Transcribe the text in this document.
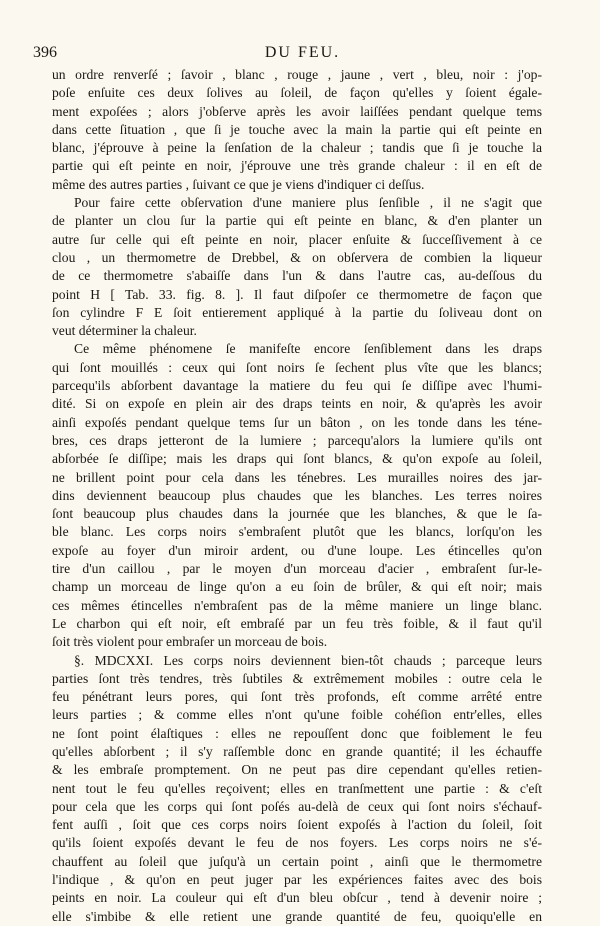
396	DU FEU.
un ordre renverſé ; ſavoir , blanc , rouge , jaune , vert , bleu, noir : j'op-
poſe enſuite ces deux ſolives au ſoleil, de façon qu'elles y ſoient égale-
ment expoſées ; alors j'obſerve après les avoir laiſſées pendant quelque tems
dans cette ſituation , que ſi je touche avec la main la partie qui eſt peinte en
blanc, j'éprouve à peine la ſenſation de la chaleur ; tandis que ſi je touche la
partie qui eſt peinte en noir, j'éprouve une très grande chaleur : il en eſt de
même des autres parties , ſuivant ce que je viens d'indiquer ci deſſus.
Pour faire cette obſervation d'une maniere plus ſenſible , il ne s'agit que
de planter un clou ſur la partie qui eſt peinte en blanc, & d'en planter un
autre ſur celle qui eſt peinte en noir, placer enſuite & ſucceſſivement à ce
clou , un thermometre de Drebbel, & on obſervera de combien la liqueur
de ce thermometre s'abaiſſe dans l'un & dans l'autre cas, au-deſſous du
point H [ Tab. 33. fig. 8. ]. Il faut diſpoſer ce thermometre de façon que
ſon cylindre F E ſoit entierement appliqué à la partie du ſoliveau dont on
veut déterminer la chaleur.
Ce même phénomene ſe manifeſte encore ſenſiblement dans les draps
qui ſont mouillés : ceux qui ſont noirs ſe ſechent plus vîte que les blancs;
parcequ'ils abſorbent davantage la matiere du feu qui ſe diſſipe avec l'humi-
dité. Si on expoſe en plein air des draps teints en noir, & qu'après les avoir
ainſi expoſés pendant quelque tems ſur un bâton , on les tonde dans les téne-
bres, ces draps jetteront de la lumiere ; parcequ'alors la lumiere qu'ils ont
abſorbée ſe diſſipe; mais les draps qui ſont blancs, & qu'on expoſe au ſoleil,
ne brillent point pour cela dans les ténebres. Les murailles noires des jar-
dins deviennent beaucoup plus chaudes que les blanches. Les terres noires
ſont beaucoup plus chaudes dans la journée que les blanches, & que le ſa-
ble blanc. Les corps noirs s'embraſent plutôt que les blancs, lorſqu'on les
expoſe au foyer d'un miroir ardent, ou d'une loupe. Les étincelles qu'on
tire d'un caillou , par le moyen d'un morceau d'acier , embraſent ſur-le-
champ un morceau de linge qu'on a eu ſoin de brûler, & qui eſt noir; mais
ces mêmes étincelles n'embraſent pas de la même maniere un linge blanc.
Le charbon qui eſt noir, eſt embraſé par un feu très foible, & il faut qu'il
ſoit très violent pour embraſer un morceau de bois.
§. MDCXXI. Les corps noirs deviennent bien-tôt chauds ; parceque leurs
parties ſont très tendres, très ſubtiles & extrêmement mobiles : outre cela le
feu pénétrant leurs pores, qui ſont très profonds, eſt comme arrêté entre
leurs parties ; & comme elles n'ont qu'une foible cohéſion entr'elles, elles
ne ſont point élaſtiques : elles ne repouſſent donc que foiblement le feu
qu'elles abſorbent ; il s'y raſſemble donc en grande quantité; il les échauffe
& les embraſe promptement. On ne peut pas dire cependant qu'elles retien-
nent tout le feu qu'elles reçoivent; elles en tranſmettent une partie : & c'eſt
pour cela que les corps qui ſont poſés au-delà de ceux qui ſont noirs s'échauf-
fent auſſi , ſoit que ces corps noirs ſoient expoſés à l'action du ſoleil, ſoit
qu'ils ſoient expoſés devant le feu de nos foyers. Les corps noirs ne s'é-
chauffent au ſoleil que juſqu'à un certain point , ainſi que le thermometre
l'indique , & qu'on en peut juger par les expériences faites avec des bois
peints en noir. La couleur qui eſt d'un bleu obſcur , tend à devenir noire ;
elle s'imbibe & elle retient une grande quantité de feu, quoiqu'elle en
